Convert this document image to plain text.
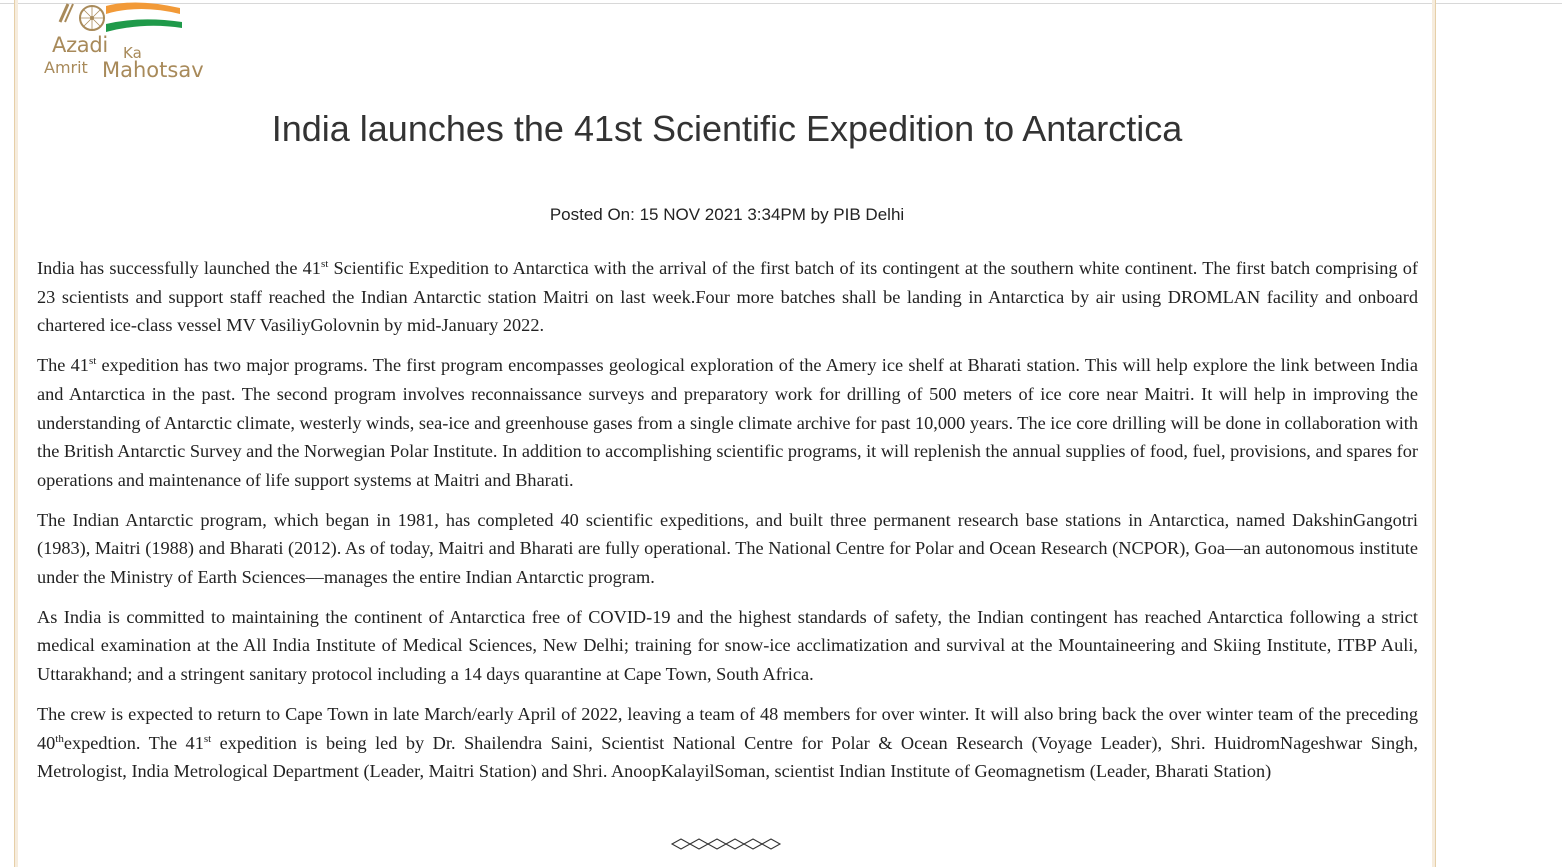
Azadi Ka
Amrit Mahotsav
India launches the 41st Scientific Expedition to Antarctica
Posted On: 15 NOV 2021 3:34PM by PIB Delhi

India has successfully launched the 41st Scientific Expedition to Antarctica with the arrival of the first batch of its contingent at the southern white continent. The first batch comprising of 23 scientists and support staff reached the Indian Antarctic station Maitri on last week.Four more batches shall be landing in Antarctica by air using DROMLAN facility and onboard chartered ice-class vessel MV VasiliyGolovnin by mid-January 2022.

The 41st expedition has two major programs. The first program encompasses geological exploration of the Amery ice shelf at Bharati station. This will help explore the link between India and Antarctica in the past. The second program involves reconnaissance surveys and preparatory work for drilling of 500 meters of ice core near Maitri. It will help in improving the understanding of Antarctic climate, westerly winds, sea-ice and greenhouse gases from a single climate archive for past 10,000 years. The ice core drilling will be done in collaboration with the British Antarctic Survey and the Norwegian Polar Institute. In addition to accomplishing scientific programs, it will replenish the annual supplies of food, fuel, provisions, and spares for operations and maintenance of life support systems at Maitri and Bharati.

The Indian Antarctic program, which began in 1981, has completed 40 scientific expeditions, and built three permanent research base stations in Antarctica, named DakshinGangotri (1983), Maitri (1988) and Bharati (2012). As of today, Maitri and Bharati are fully operational. The National Centre for Polar and Ocean Research (NCPOR), Goa—an autonomous institute under the Ministry of Earth Sciences—manages the entire Indian Antarctic program.

As India is committed to maintaining the continent of Antarctica free of COVID-19 and the highest standards of safety, the Indian contingent has reached Antarctica following a strict medical examination at the All India Institute of Medical Sciences, New Delhi; training for snow-ice acclimatization and survival at the Mountaineering and Skiing Institute, ITBP Auli, Uttarakhand; and a stringent sanitary protocol including a 14 days quarantine at Cape Town, South Africa.

The crew is expected to return to Cape Town in late March/early April of 2022, leaving a team of 48 members for over winter. It will also bring back the over winter team of the preceding 40thexpedtion. The 41st expedition is being led by Dr. Shailendra Saini, Scientist National Centre for Polar & Ocean Research (Voyage Leader), Shri. HuidromNageshwar Singh, Metrologist, India Metrological Department (Leader, Maitri Station) and Shri. AnoopKalayilSoman, scientist Indian Institute of Geomagnetism (Leader, Bharati Station)
